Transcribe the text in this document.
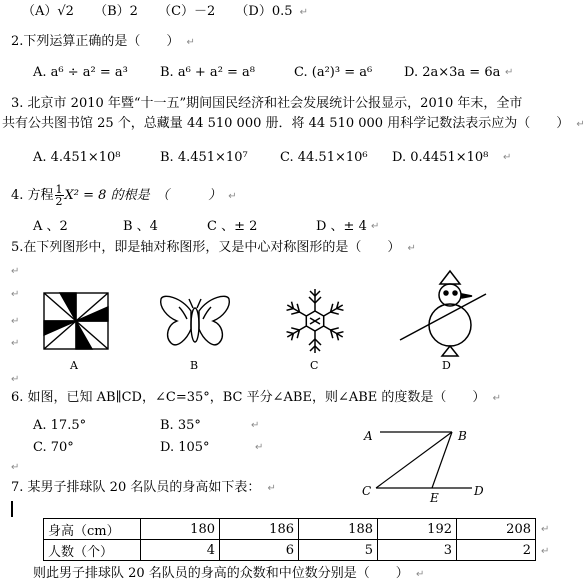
（A）√2 （B）2 （C）－2 （D）0.5 ↵
2.下列运算正确的是（　　） ↵
A. a⁶ ÷ a² = a³ B. a⁶ + a² = a⁸	C. (a²)³ = a⁶ D. 2a×3a = 6a ↵
3. 北京市 2010 年暨“十一五”期间国民经济和社会发展统计公报显示，2010 年末，全市
共有公共图书馆 25 个，总藏量 44 510 000 册．将 44 510 000 用科学记数法表示应为（　　） ↵
A. 4.451×10⁸	B. 4.451×10⁷ C. 44.51×10⁶ D. 0.4451×10⁸ ↵
4. 方程 $\frac{1}{2} X^2 = 8$ 的根是　（　　　） ↵
A 、2	B 、4	C 、± 2	D 、± 4 ↵
5.在下列图形中，即是轴对称图形，又是中心对称图形的是（　　） ↵
↵
↵
↵
↵
↵
A	B	C	D
6. 如图，已知 AB∥CD，∠C=35°，BC 平分∠ABE，则∠ABE 的度数是（　　） ↵
A. 17.5°	B. 35°	↵
C. 70°	D. 105°	↵
↵
A	B
C	E	D
7. 某男子排球队 20 名队员的身高如下表： ↵
身高（cm）	180	186	188	192	208
人数（个）	4	6	5	3	2
↵
↵
则此男子排球队 20 名队员的身高的众数和中位数分别是（　　） ↵
